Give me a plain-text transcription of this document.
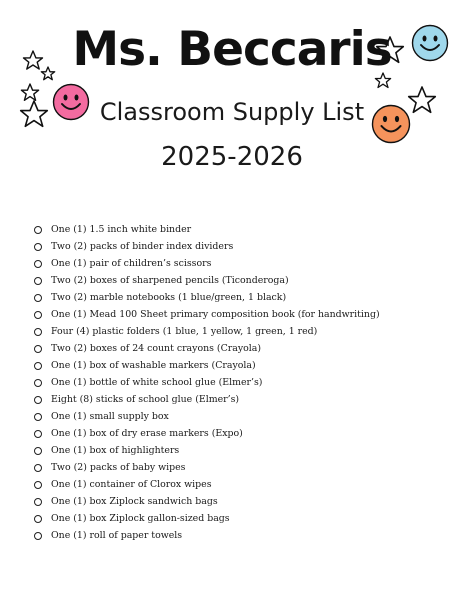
Ms. Beccaris
Classroom Supply List
2025-2026
One (1) 1.5 inch white binder
Two (2) packs of binder index dividers
One (1) pair of children’s scissors
Two (2) boxes of sharpened pencils (Ticonderoga)
Two (2) marble notebooks (1 blue/green, 1 black)
One (1) Mead 100 Sheet primary composition book (for handwriting)
Four (4) plastic folders (1 blue, 1 yellow, 1 green, 1 red)
Two (2) boxes of 24 count crayons (Crayola)
One (1) box of washable markers (Crayola)
One (1) bottle of white school glue (Elmer’s)
Eight (8) sticks of school glue (Elmer’s)
One (1) small supply box
One (1) box of dry erase markers (Expo)
One (1) box of highlighters
Two (2) packs of baby wipes
One (1) container of Clorox wipes
One (1) box Ziplock sandwich bags
One (1) box Ziplock gallon-sized bags
One (1) roll of paper towels
